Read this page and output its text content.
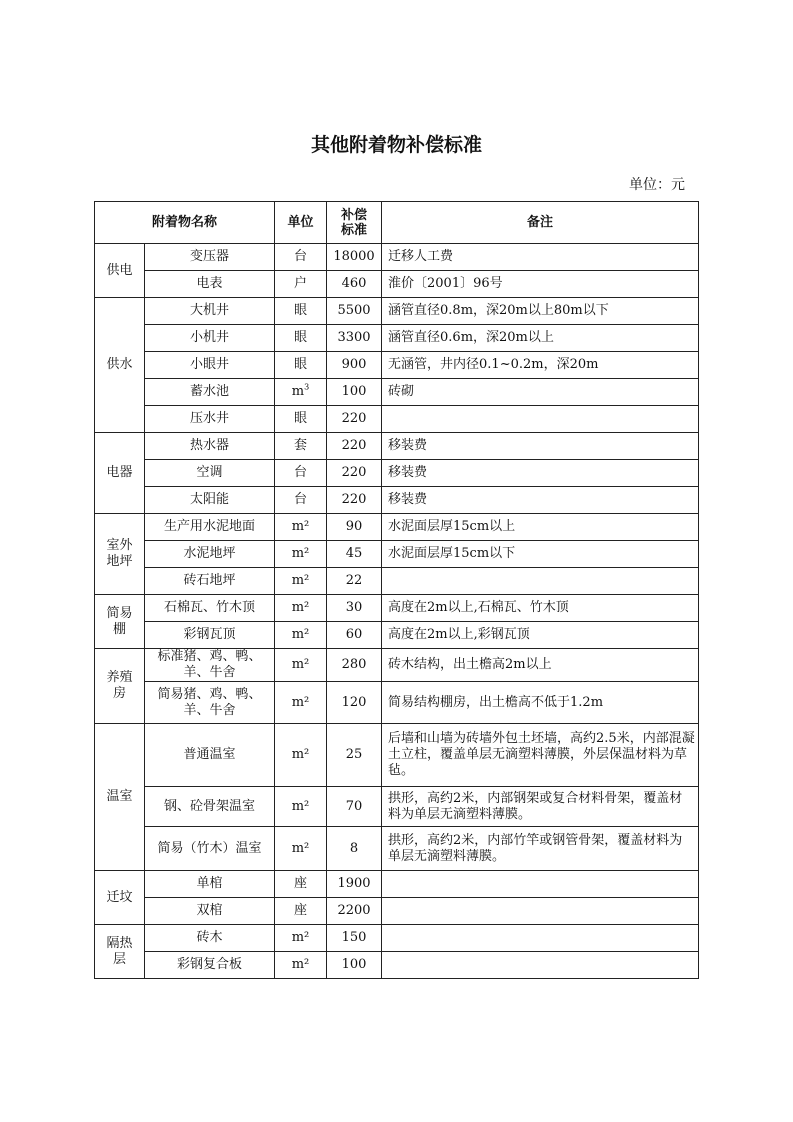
其他附着物补偿标准
单位：元
附着物名称		单位	补偿标准	备注
供电	变压器	台	18000	迁移人工费
	电表	户	460	淮价〔2001〕96号
供水	大机井	眼	5500	涵管直径0.8m，深20m以上80m以下
	小机井	眼	3300	涵管直径0.6m，深20m以上
	小眼井	眼	900	无涵管，井内径0.1~0.2m，深20m
	蓄水池	$m^3$	100	砖砌
	压水井	眼	220	
电器	热水器	套	220	移装费
	空调	台	220	移装费
	太阳能	台	220	移装费
室外地坪	生产用水泥地面	m²	90	水泥面层厚15cm以上
	水泥地坪	m²	45	水泥面层厚15cm以下
	砖石地坪	m²	22	
简易棚	石棉瓦、竹木顶	m²	30	高度在2m以上,石棉瓦、竹木顶
	彩钢瓦顶	m²	60	高度在2m以上,彩钢瓦顶
养殖房	标准猪、鸡、鸭、羊、牛舍	m²	280	砖木结构，出土檐高2m以上
	简易猪、鸡、鸭、羊、牛舍	m²	120	简易结构棚房，出土檐高不低于1.2m
温室	普通温室	m²	25	后墙和山墙为砖墙外包土坯墙，高约2.5米，内部混凝土立柱，覆盖单层无滴塑料薄膜，外层保温材料为草毡。
	钢、砼骨架温室	m²	70	拱形，高约2米，内部钢架或复合材料骨架，覆盖材料为单层无滴塑料薄膜。
	简易（竹木）温室	m²	8	拱形，高约2米，内部竹竿或钢管骨架，覆盖材料为单层无滴塑料薄膜。
迁坟	单棺	座	1900	
	双棺	座	2200	
隔热层	砖木	m²	150	
	彩钢复合板	m²	100	
